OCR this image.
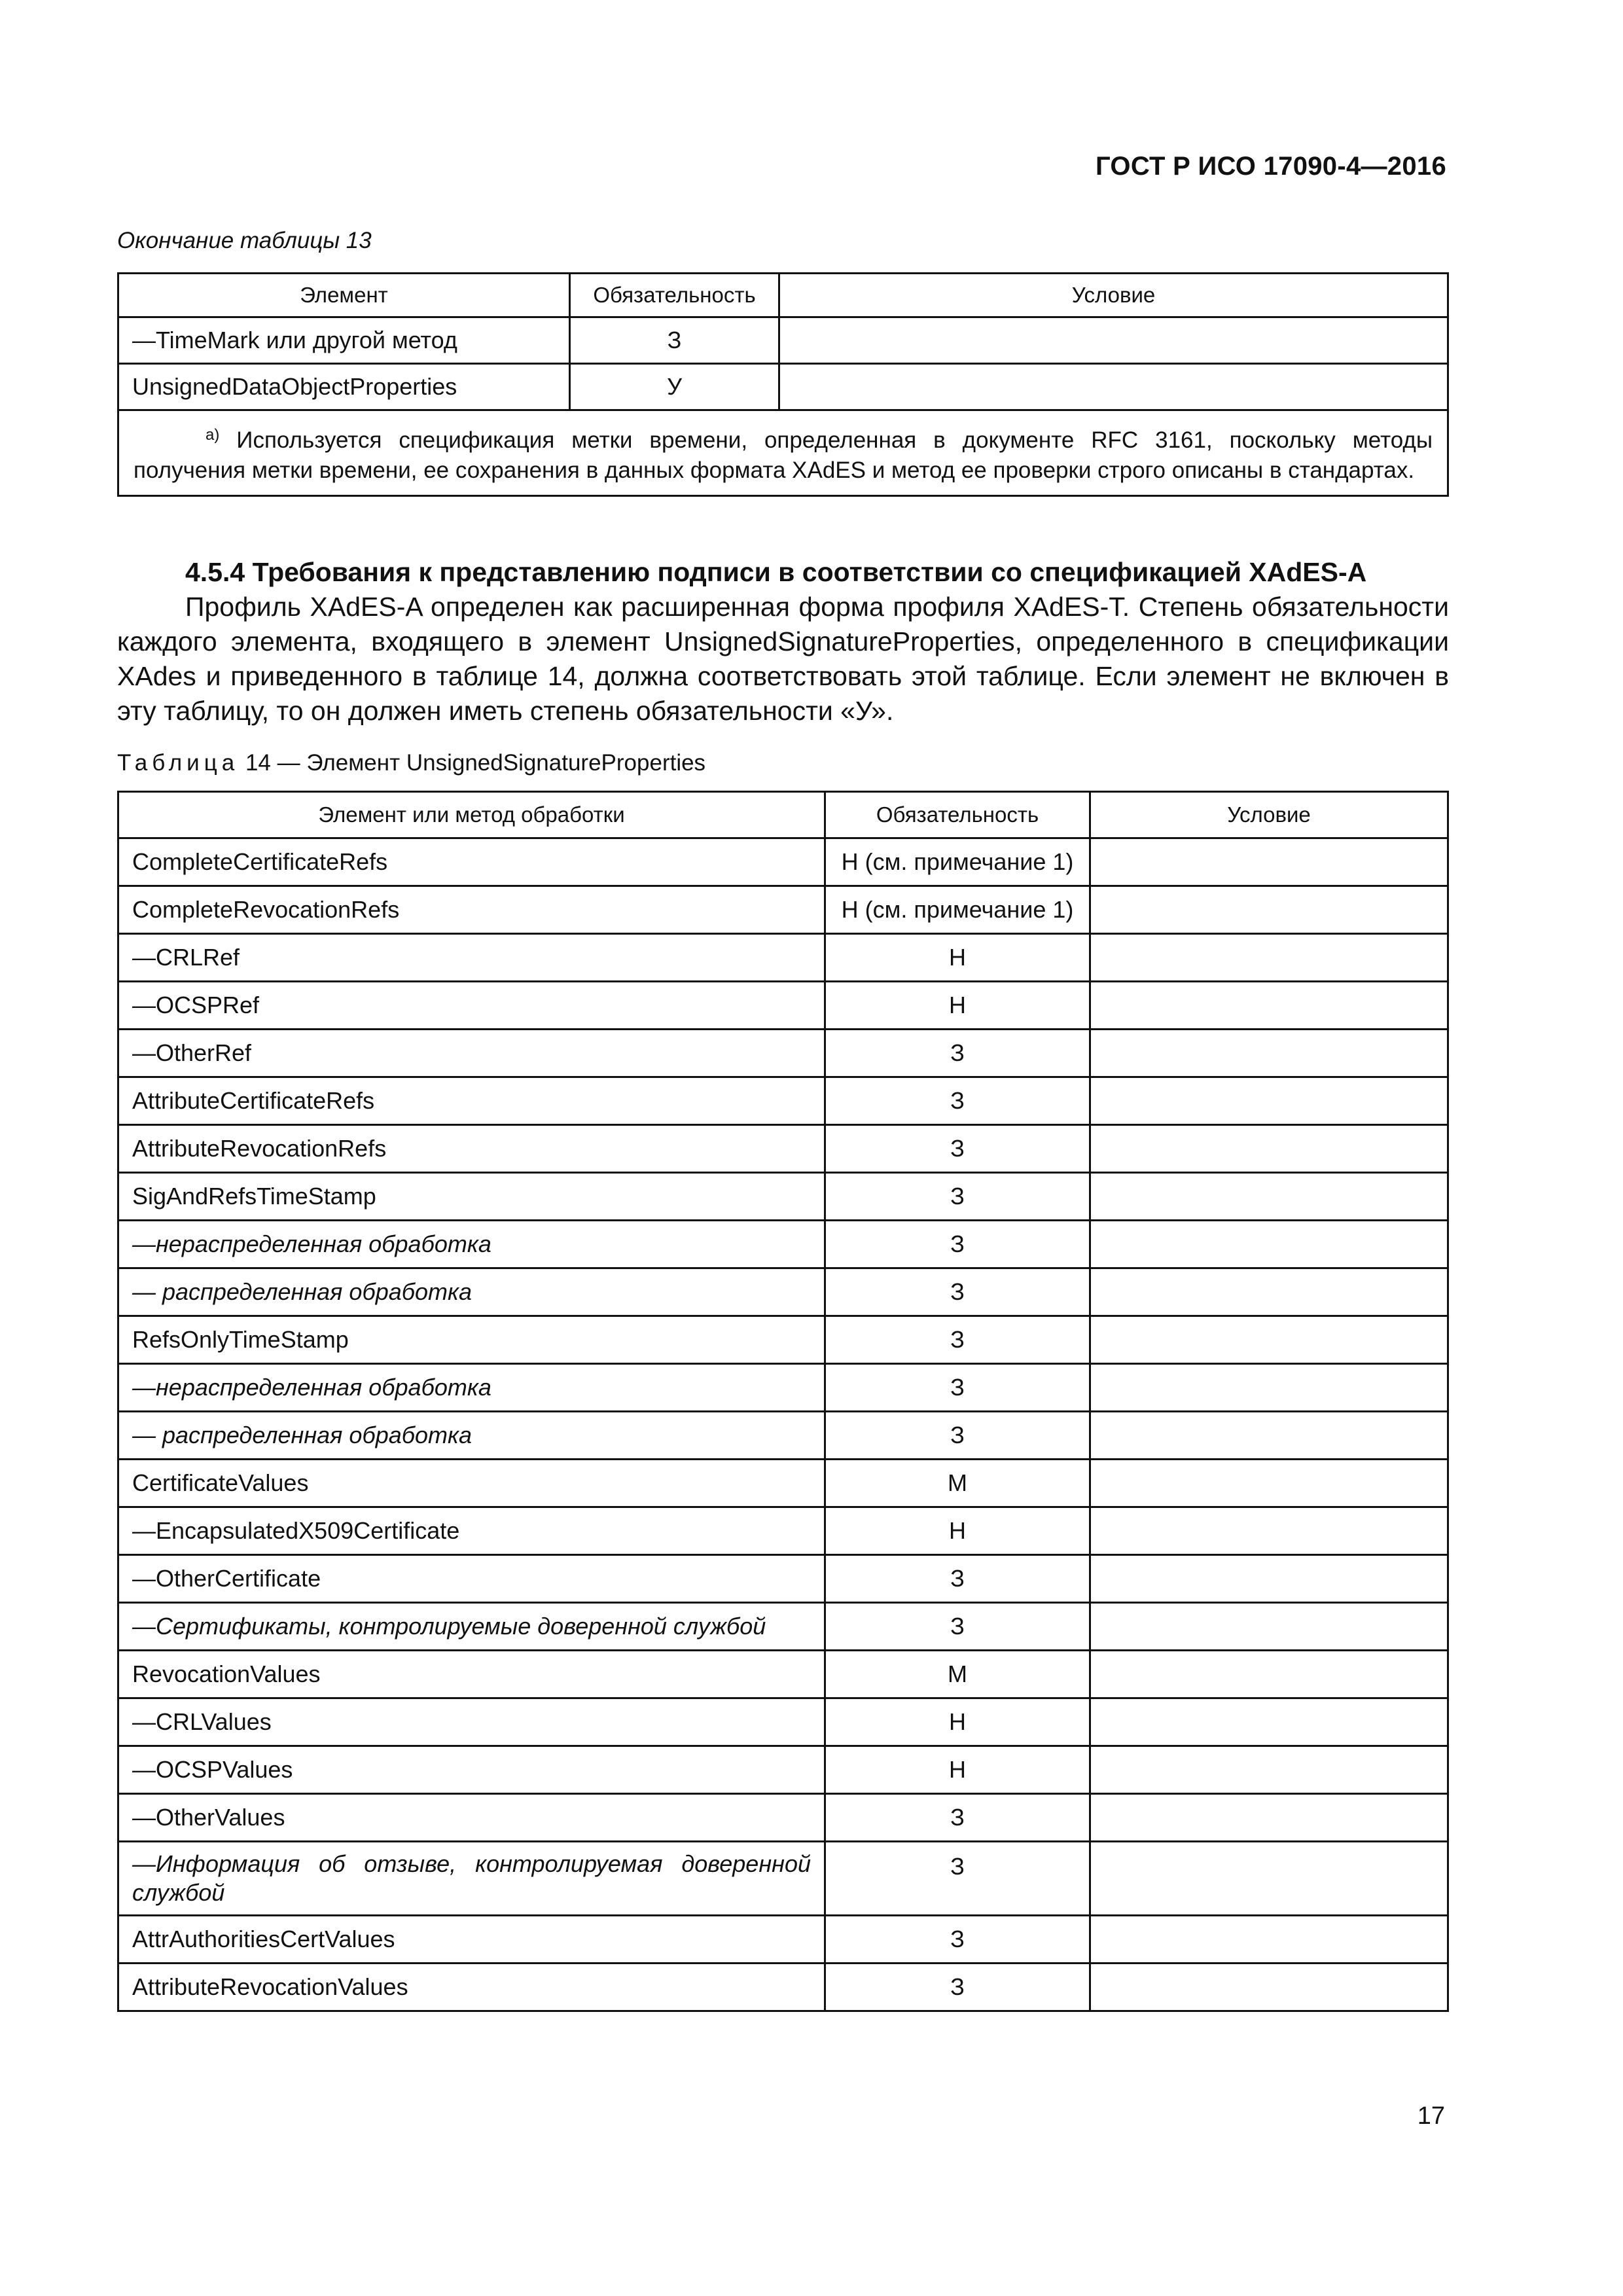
ГОСТ Р ИСО 17090-4—2016
Окончание таблицы 13
Элемент	Обязательность	Условие
—TimeMark или другой метод	З	
UnsignedDataObjectProperties	У	
$^{a)}$ Используется спецификация метки времени, определенная в документе RFC 3161, поскольку методы получения метки времени, ее сохранения в данных формата XAdES и метод ее проверки строго описаны в стандартах.		
4.5.4 Требования к представлению подписи в соответствии со спецификацией XAdES-A
Профиль XAdES-A определен как расширенная форма профиля XAdES-T. Степень обязательности каждого элемента, входящего в элемент UnsignedSignatureProperties, определенного в спецификации XAdes и приведенного в таблице 14, должна соответствовать этой таблице. Если элемент не включен в эту таблицу, то он должен иметь степень обязательности «У».
Таблица 14 — Элемент UnsignedSignatureProperties
Элемент или метод обработки	Обязательность	Условие
CompleteCertificateRefs	Н (см. примечание 1)	
CompleteRevocationRefs	Н (см. примечание 1)	
—CRLRef	Н	
—OCSPRef	Н	
—OtherRef	З	
AttributeCertificateRefs	З	
AttributeRevocationRefs	З	
SigAndRefsTimeStamp	З	
—нераспределенная обработка	З	
— распределенная обработка	З	
RefsOnlyTimeStamp	З	
—нераспределенная обработка	З	
— распределенная обработка	З	
CertificateValues	М	
—EncapsulatedX509Certificate	Н	
—OtherCertificate	З	
—Сертификаты, контролируемые доверенной службой	З	
RevocationValues	М	
—CRLValues	Н	
—OCSPValues	Н	
—OtherValues	З	
—Информация об отзыве, контролируемая доверенной службой	З	
AttrAuthoritiesCertValues	З	
AttributeRevocationValues	З	
17
